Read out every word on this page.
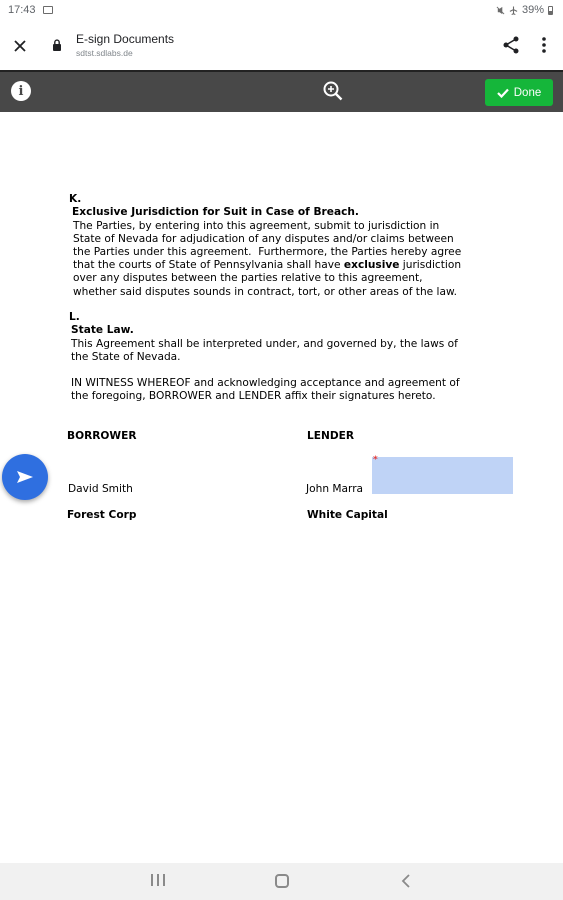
17:43	39%
E-sign Documents
sdtst.sdlabs.de
i	Done
K.
Exclusive Jurisdiction for Suit in Case of Breach.
The Parties, by entering into this agreement, submit to jurisdiction in
State of Nevada for adjudication of any disputes and/or claims between
the Parties under this agreement.  Furthermore, the Parties hereby agree
that the courts of State of Pennsylvania shall have exclusive jurisdiction
over any disputes between the parties relative to this agreement,
whether said disputes sounds in contract, tort, or other areas of the law.
L.
State Law.
This Agreement shall be interpreted under, and governed by, the laws of
the State of Nevada.
IN WITNESS WHEREOF and acknowledging acceptance and agreement of
the foregoing, BORROWER and LENDER affix their signatures hereto.
BORROWER	LENDER
David Smith	John Marra
*
Forest Corp	White Capital
